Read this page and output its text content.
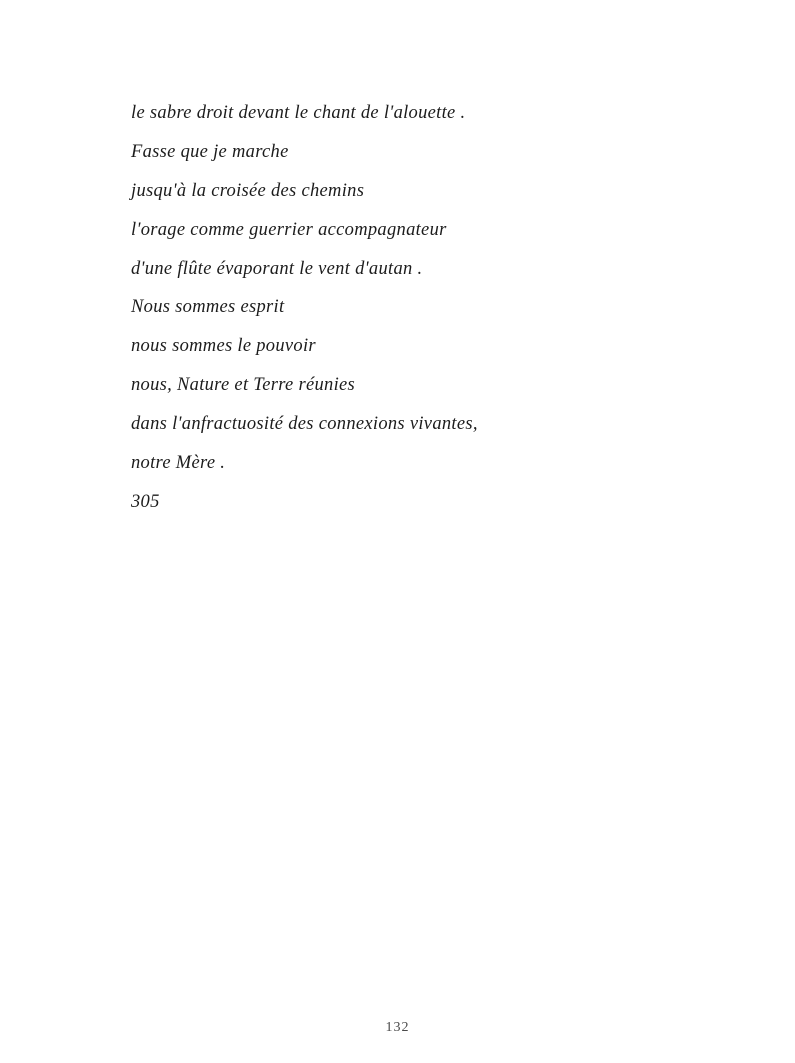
le sabre droit devant le chant de l'alouette .

Fasse que je marche

jusqu'à la croisée des chemins

l'orage comme guerrier accompagnateur

d'une flûte évaporant le vent d'autan .

Nous sommes esprit

nous sommes le pouvoir

nous, Nature et Terre réunies

dans l'anfractuosité des connexions vivantes,

notre Mère .

305

132
